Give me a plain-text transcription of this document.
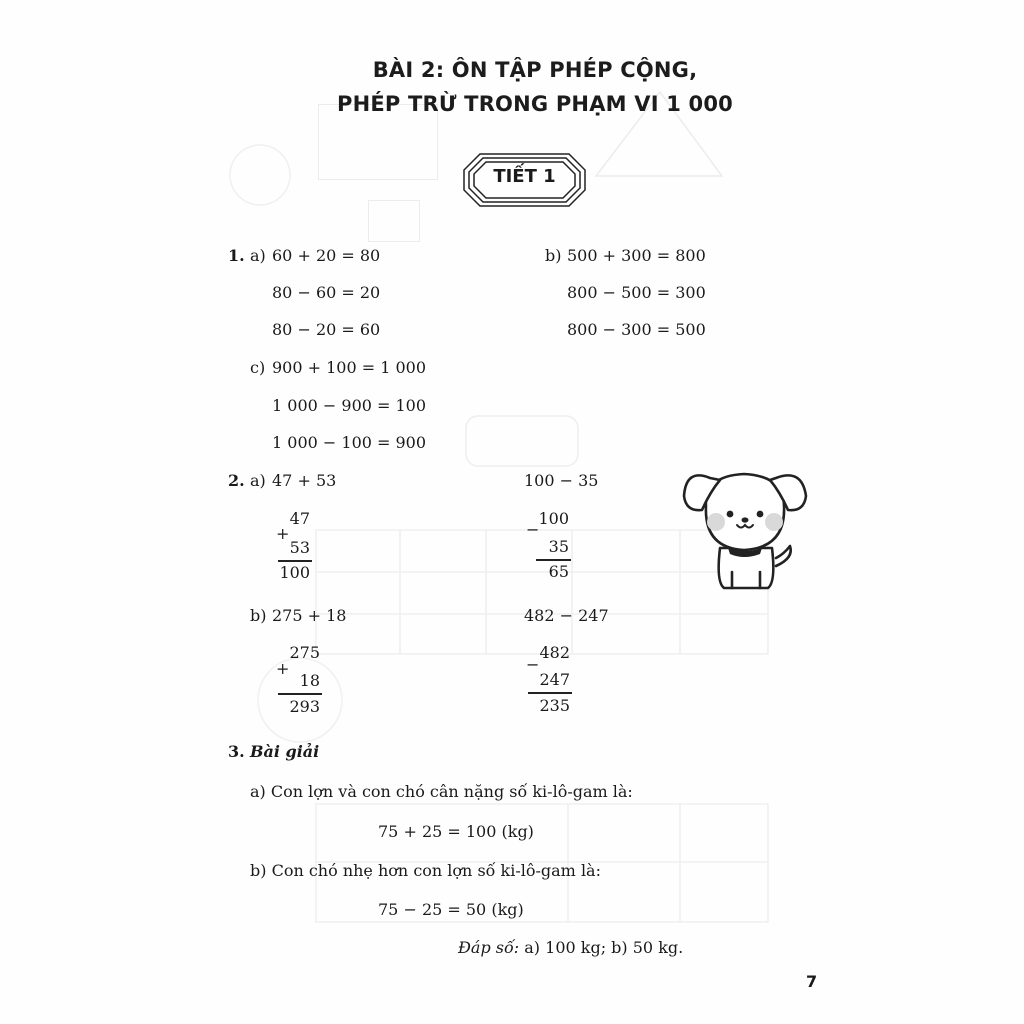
BÀI 2: ÔN TẬP PHÉP CỘNG,
PHÉP TRỪ TRONG PHẠM VI 1 000
TIẾT 1
1. a) 60 + 20 = 80
80 − 60 = 20
80 − 20 = 60
b) 500 + 300 = 800
800 − 500 = 300
800 − 300 = 500
c) 900 + 100 = 1 000
1 000 − 900 = 100
1 000 − 100 = 900
2. a) 47 + 53	100 − 35
47
+
53
100
100
−
35
65
b) 275 + 18	482 − 247
275
+
18
293
482
−
247
235
3. Bài giải
a) Con lợn và con chó cân nặng số ki-lô-gam là:
75 + 25 = 100 (kg)
b) Con chó nhẹ hơn con lợn số ki-lô-gam là:
75 − 25 = 50 (kg)
Đáp số: a) 100 kg; b) 50 kg.
7
